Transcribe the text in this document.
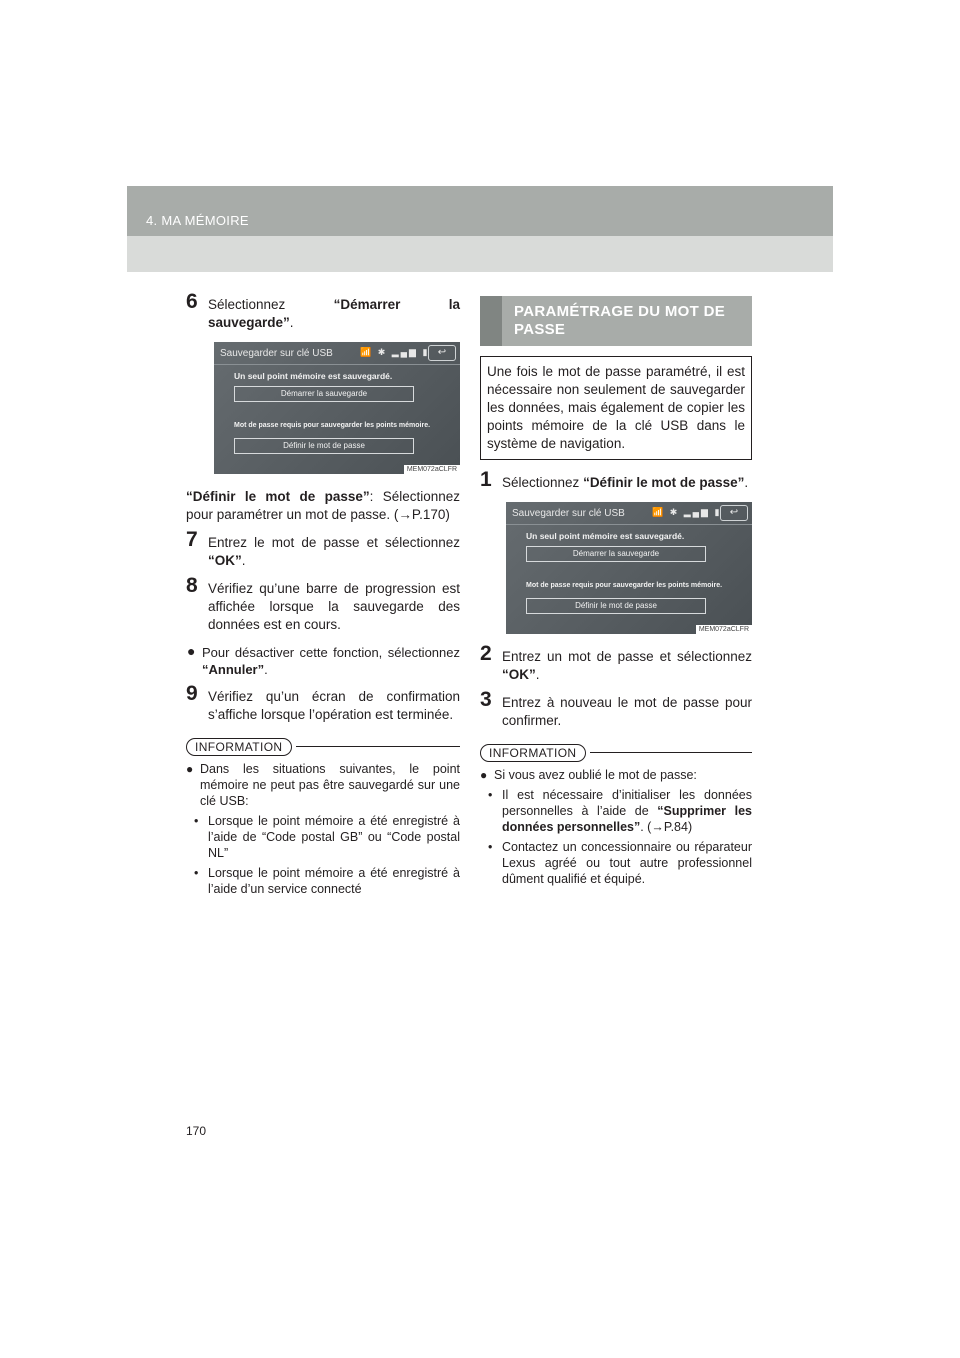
4. MA MÉMOIRE
6 Sélectionnez “Démarrer la sauvegarde”.
Sauvegarder sur clé USB	📶 ✱ ▂▄▆ ▮ ↩
Un seul point mémoire est sauvegardé.
Démarrer la sauvegarde
Mot de passe requis pour sauvegarder les points mémoire.
Définir le mot de passe
MEM072aCLFR
“Définir le mot de passe”: Sélectionnez pour paramétrer un mot de passe. (→P.170)
7 Entrez le mot de passe et sélectionnez “OK”.
8 Vérifiez qu’une barre de progression est affichée lorsque la sauvegarde des données est en cours.
● Pour désactiver cette fonction, sélectionnez “Annuler”.
9 Vérifiez qu’un écran de confirmation s’affiche lorsque l’opération est terminée.
INFORMATION
● Dans les situations suivantes, le point mémoire ne peut pas être sauvegardé sur une clé USB:
• Lorsque le point mémoire a été enregistré à l’aide de “Code postal GB” ou “Code postal NL”
• Lorsque le point mémoire a été enregistré à l’aide d’un service connecté
PARAMÉTRAGE DU MOT DE PASSE
Une fois le mot de passe paramétré, il est nécessaire non seulement de sauvegarder les données, mais également de copier les points mémoire de la clé USB dans le système de navigation.
1 Sélectionnez “Définir le mot de passe”.
Sauvegarder sur clé USB	📶 ✱ ▂▄▆ ▮ ↩
Un seul point mémoire est sauvegardé.
Démarrer la sauvegarde
Mot de passe requis pour sauvegarder les points mémoire.
Définir le mot de passe
MEM072aCLFR
2 Entrez un mot de passe et sélectionnez “OK”.
3 Entrez à nouveau le mot de passe pour confirmer.
INFORMATION
● Si vous avez oublié le mot de passe:
• Il est nécessaire d’initialiser les données personnelles à l’aide de “Supprimer les données personnelles”. (→P.84)
• Contactez un concessionnaire ou réparateur Lexus agréé ou tout autre professionnel dûment qualifié et équipé.
170
